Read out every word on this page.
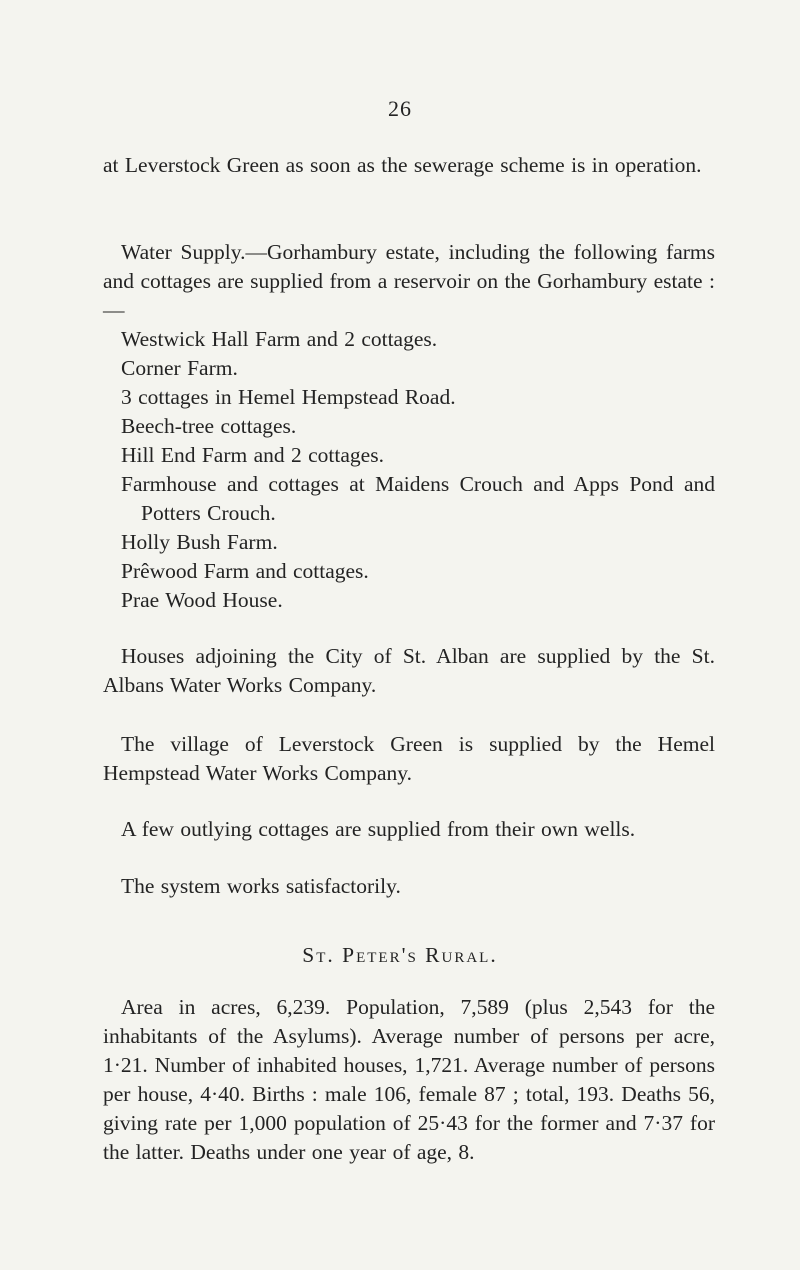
26
at Leverstock Green as soon as the sewerage scheme is in operation.
Water Supply.—Gorhambury estate, including the following farms and cottages are supplied from a reservoir on the Gorhambury estate :—
Westwick Hall Farm and 2 cottages.
Corner Farm.
3 cottages in Hemel Hempstead Road.
Beech-tree cottages.
Hill End Farm and 2 cottages.
Farmhouse and cottages at Maidens Crouch and Apps Pond and Potters Crouch.
Holly Bush Farm.
Prêwood Farm and cottages.
Prae Wood House.
Houses adjoining the City of St. Alban are supplied by the St. Albans Water Works Company.
The village of Leverstock Green is supplied by the Hemel Hempstead Water Works Company.
A few outlying cottages are supplied from their own wells.
The system works satisfactorily.
St. Peter's Rural.
Area in acres, 6,239. Population, 7,589 (plus 2,543 for the inhabitants of the Asylums). Average number of persons per acre, 1·21. Number of inhabited houses, 1,721. Average number of persons per house, 4·40. Births : male 106, female 87 ; total, 193. Deaths 56, giving rate per 1,000 population of 25·43 for the former and 7·37 for the latter. Deaths under one year of age, 8.
